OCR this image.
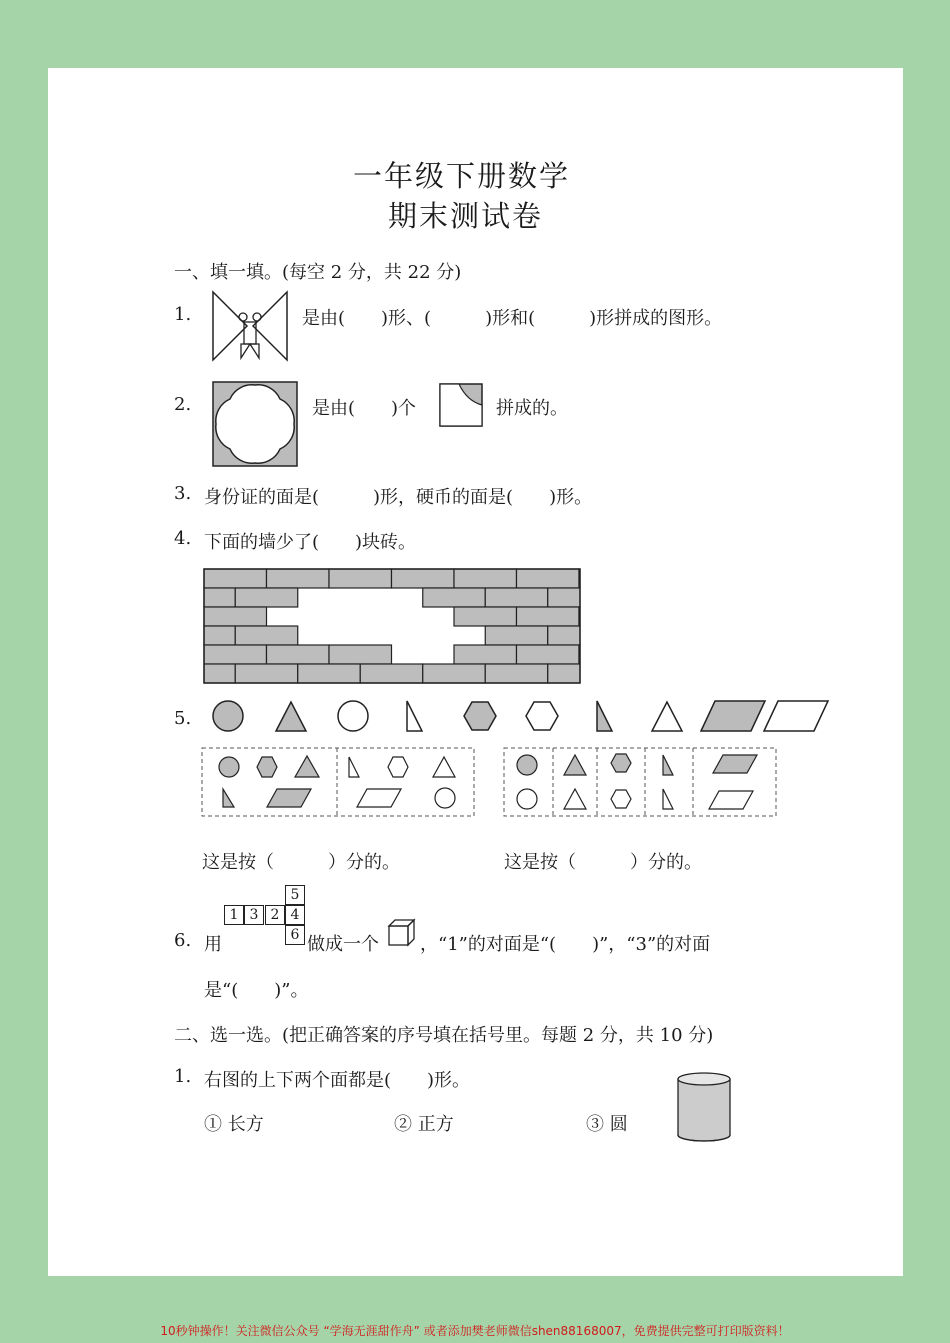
一年级下册数学
期末测试卷
一、填一填。(每空 2 分，共 22 分)
1.	是由(　　)形、(　　　)形和(　　　)形拼成的图形。
2.	是由(　　)个	拼成的。
3. 身份证的面是(　　　)形，硬币的面是(　　)形。
4. 下面的墙少了(　　)块砖。
5.
这是按（　　　）分的。	这是按（　　　）分的。
6. 用
5
1 3 2 4
6 做成一个 ，“1”的对面是“(　　)”，“3”的对面
是“(　　)”。
二、选一选。(把正确答案的序号填在括号里。每题 2 分，共 10 分)
1. 右图的上下两个面都是(　　)形。
① 长方	② 正方	③ 圆
10秒钟操作！关注微信公众号 “学海无涯甜作舟” 或者添加樊老师微信shen88168007，免费提供完整可打印版资料！
